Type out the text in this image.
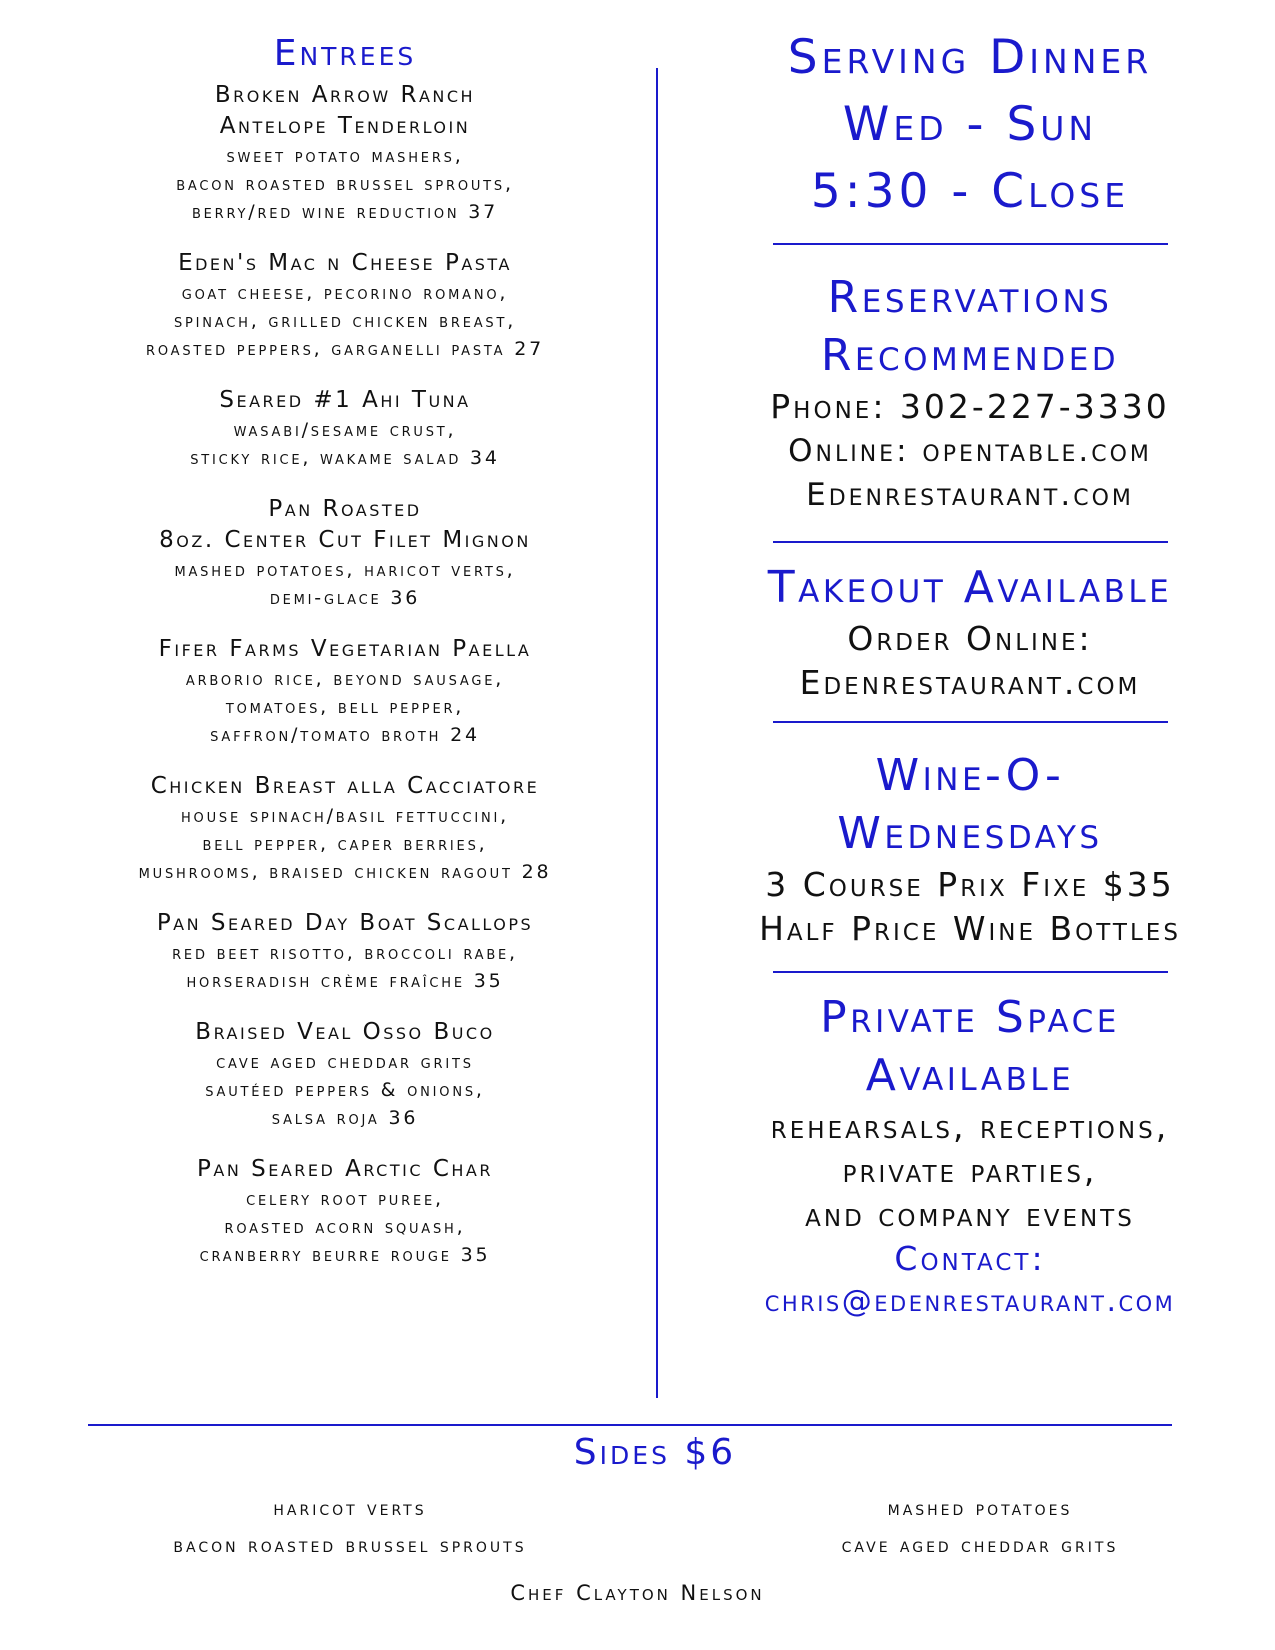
Entrees
Broken Arrow Ranch
Antelope Tenderloin
sweet potato mashers,
bacon roasted brussel sprouts,
berry/red wine reduction 37
Eden's Mac n Cheese Pasta
goat cheese, pecorino romano,
spinach, grilled chicken breast,
roasted peppers, garganelli pasta 27
Seared #1 Ahi Tuna
wasabi/sesame crust,
sticky rice, wakame salad 34
Pan Roasted
8oz. Center Cut Filet Mignon
mashed potatoes, haricot verts,
demi-glace 36
Fifer Farms Vegetarian Paella
arborio rice, beyond sausage,
tomatoes, bell pepper,
saffron/tomato broth 24
Chicken Breast alla Cacciatore
house spinach/basil fettuccini,
bell pepper, caper berries,
mushrooms, braised chicken ragout 28
Pan Seared Day Boat Scallops
red beet risotto, broccoli rabe,
horseradish crème fraîche 35
Braised Veal Osso Buco
cave aged cheddar grits
sautéed peppers & onions,
salsa roja 36
Pan Seared Arctic Char
celery root puree,
roasted acorn squash,
cranberry beurre rouge 35
Serving Dinner
Wed - Sun
5:30 - Close
Reservations
Recommended
Phone: 302-227-3330
Online: opentable.com
Edenrestaurant.com
Takeout Available
Order Online:
Edenrestaurant.com
Wine-O-
Wednesdays
3 Course Prix Fixe $35
Half Price Wine Bottles
Private Space
Available
rehearsals, receptions,
private parties,
and company events
Contact:
chris@edenrestaurant.com
Sides $6
haricot verts
bacon roasted brussel sprouts
mashed potatoes
cave aged cheddar grits
Chef Clayton Nelson
